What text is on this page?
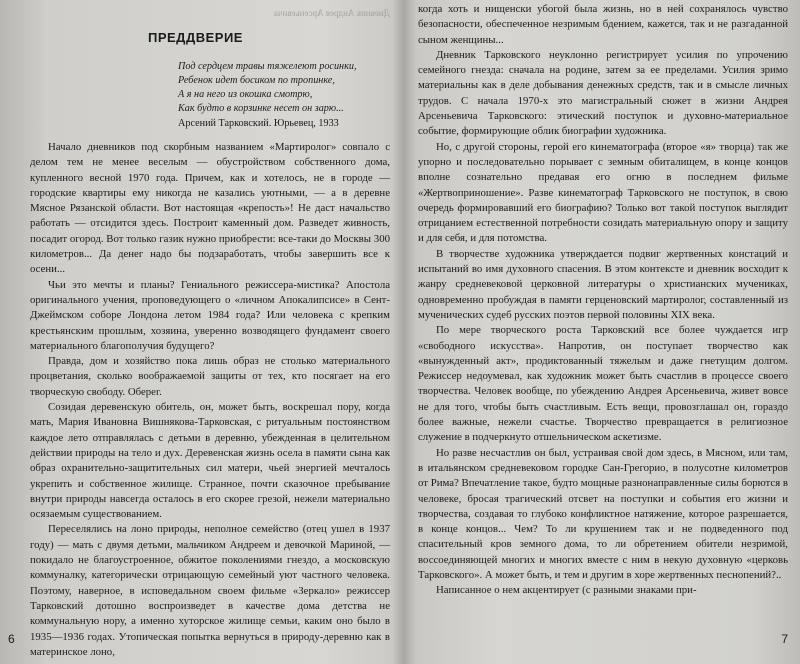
Дневник Андрея Арсеньевича
ПРЕДДВЕРИЕ
Под сердцем травы тяжелеют росинки,
Ребенок идет босиком по тропинке,
А я на него из окошка смотрю,
Как будто в корзинке несет он зарю...
Арсений Тарковский. Юрьевец, 1933

Начало дневников под скорбным названием «Мартиролог» совпало с делом тем не менее веселым — обустройством собственного дома, купленного весной 1970 года. Причем, как и хотелось, не в городе — городские квартиры ему никогда не казались уютными, — а в деревне Мясное Рязанской области. Вот настоящая «крепость»! Не даст начальство работать — отсидится здесь. Построит каменный дом. Разведет живность, посадит огород. Вот только газик нужно приобрести: все-таки до Москвы 300 километров... Да денег надо бы подзаработать, чтобы завершить все к осени...

Чьи это мечты и планы? Гениального режиссера-мистика? Апостола оригинального учения, проповедующего о «личном Апокалипсисе» в Сент-Джеймском соборе Лондона летом 1984 года? Или человека с крепким крестьянским прошлым, хозяина, уверенно возводящего фундамент своего материального благополучия будущего?

Правда, дом и хозяйство пока лишь образ не столько материального процветания, сколько воображаемой защиты от тех, кто посягает на его творческую свободу. Оберег.

Созидая деревенскую обитель, он, может быть, воскрешал пору, когда мать, Мария Ивановна Вишнякова-Тарковская, с ритуальным постоянством каждое лето отправлялась с детьми в деревню, убежденная в целительном действии природы на тело и дух. Деревенская жизнь осела в памяти сына как образ охранительно-защитительных сил матери, чьей энергией мечталось укрепить и собственное жилище. Странное, почти сказочное пребывание внутри природы навсегда осталось в его скорее грезой, нежели материально осязаемым существованием.

Переселялись на лоно природы, неполное семейство (отец ушел в 1937 году) — мать с двумя детьми, мальчиком Андреем и девочкой Мариной, — покидало не благоустроенное, обжитое поколениями гнездо, а московскую коммуналку, категорически отрицающую семейный уют частного человека. Поэтому, наверное, в исповедальном своем фильме «Зеркало» режиссер Тарковский дотошно воспроизведет в качестве дома детства не коммунальную нору, а именно хуторское жилище семьи, каким оно было в 1935—1936 годах. Утопическая попытка вернуться в природу-деревню как в материнское лоно,

6

когда хоть и нищенски убогой была жизнь, но в ней сохранялось чувство безопасности, обеспеченное незримым бдением, кажется, так и не разгаданной сыном женщины...

Дневник Тарковского неуклонно регистрирует усилия по упрочению семейного гнезда: сначала на родине, затем за ее пределами. Усилия зримо материальны как в деле добывания денежных средств, так и в смысле личных трудов. С начала 1970-х это магистральный сюжет в жизни Андрея Арсеньевича Тарковского: этический поступок и духовно-материальное событие, формирующие облик биографии художника.

Но, с другой стороны, герой его кинематографа (второе «я» творца) так же упорно и последовательно порывает с земным обиталищем, в конце концов вполне сознательно предавая его огню в последнем фильме «Жертвоприношение». Разве кинематограф Тарковского не поступок, в свою очередь формировавший его биографию? Только вот такой поступок выглядит отрицанием естественной потребности созидать материальную опору и защиту и для себя, и для потомства.

В творчестве художника утверждается подвиг жертвенных констаций и испытаний во имя духовного спасения. В этом контексте и дневник восходит к жанру средневековой церковной литературы о христианских мучениках, одновременно пробуждая в памяти герценовский мартиролог, составленный из мученических судеб русских поэтов первой половины XIX века.

По мере творческого роста Тарковский все более чуждается игр «свободного искусства». Напротив, он поступает творчество как «вынужденный акт», продиктованный тяжелым и даже гнетущим долгом. Режиссер недоумевал, как художник может быть счастлив в процессе своего творчества. Человек вообще, по убеждению Андрея Арсеньевича, живет вовсе не для того, чтобы быть счастливым. Есть вещи, провозглашал он, гораздо более важные, нежели счастье. Творчество превращается в религиозное служение в подчеркнуто отшельническом аскетизме.

Но разве несчастлив он был, устраивая свой дом здесь, в Мясном, или там, в итальянском средневековом городке Сан-Грегорио, в полусотне километров от Рима? Впечатление такое, будто мощные разнонаправленные силы борются в человеке, бросая трагический отсвет на поступки и события его жизни и творчества, создавая то глубоко конфликтное натяжение, которое разрешается, в конце концов... Чем? То ли крушением так и не подведенного под спасительный кров земного дома, то ли обретением обители незримой, воссоединяющей многих и многих вместе с ним в некую духовную «церковь Тарковского». А может быть, и тем и другим в хоре жертвенных песнопений?..

Написанное о нем акцентирует (с разными знаками при-

7
